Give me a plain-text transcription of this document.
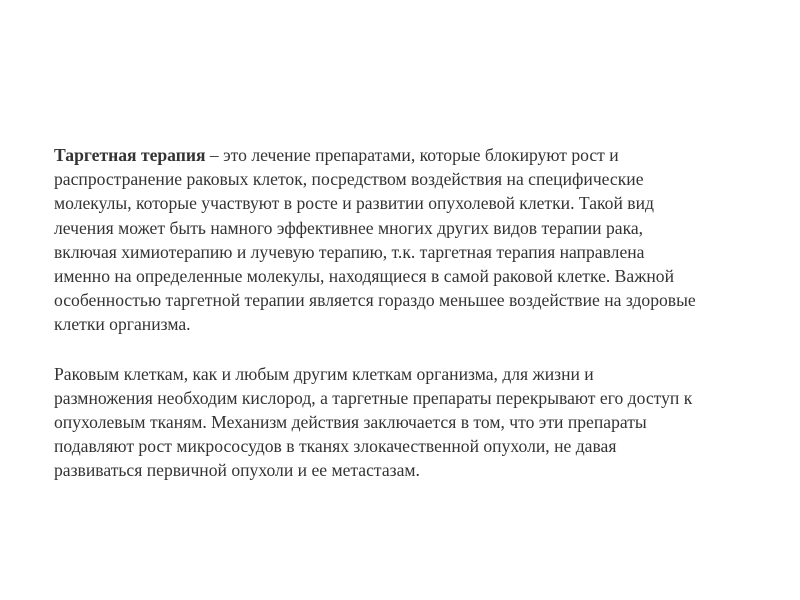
Таргетная терапия – это лечение препаратами, которые блокируют рост и
распространение раковых клеток, посредством воздействия на специфические
молекулы, которые участвуют в росте и развитии опухолевой клетки. Такой вид
лечения может быть намного эффективнее многих других видов терапии рака,
включая химиотерапию и лучевую терапию, т.к. таргетная терапия направлена
именно на определенные молекулы, находящиеся в самой раковой клетке. Важной
особенностью таргетной терапии является гораздо меньшее воздействие на здоровые
клетки организма.

Раковым клеткам, как и любым другим клеткам организма, для жизни и
размножения необходим кислород, а таргетные препараты перекрывают его доступ к
опухолевым тканям. Механизм действия заключается в том, что эти препараты
подавляют рост микрососудов в тканях злокачественной опухоли, не давая
развиваться первичной опухоли и ее метастазам.
